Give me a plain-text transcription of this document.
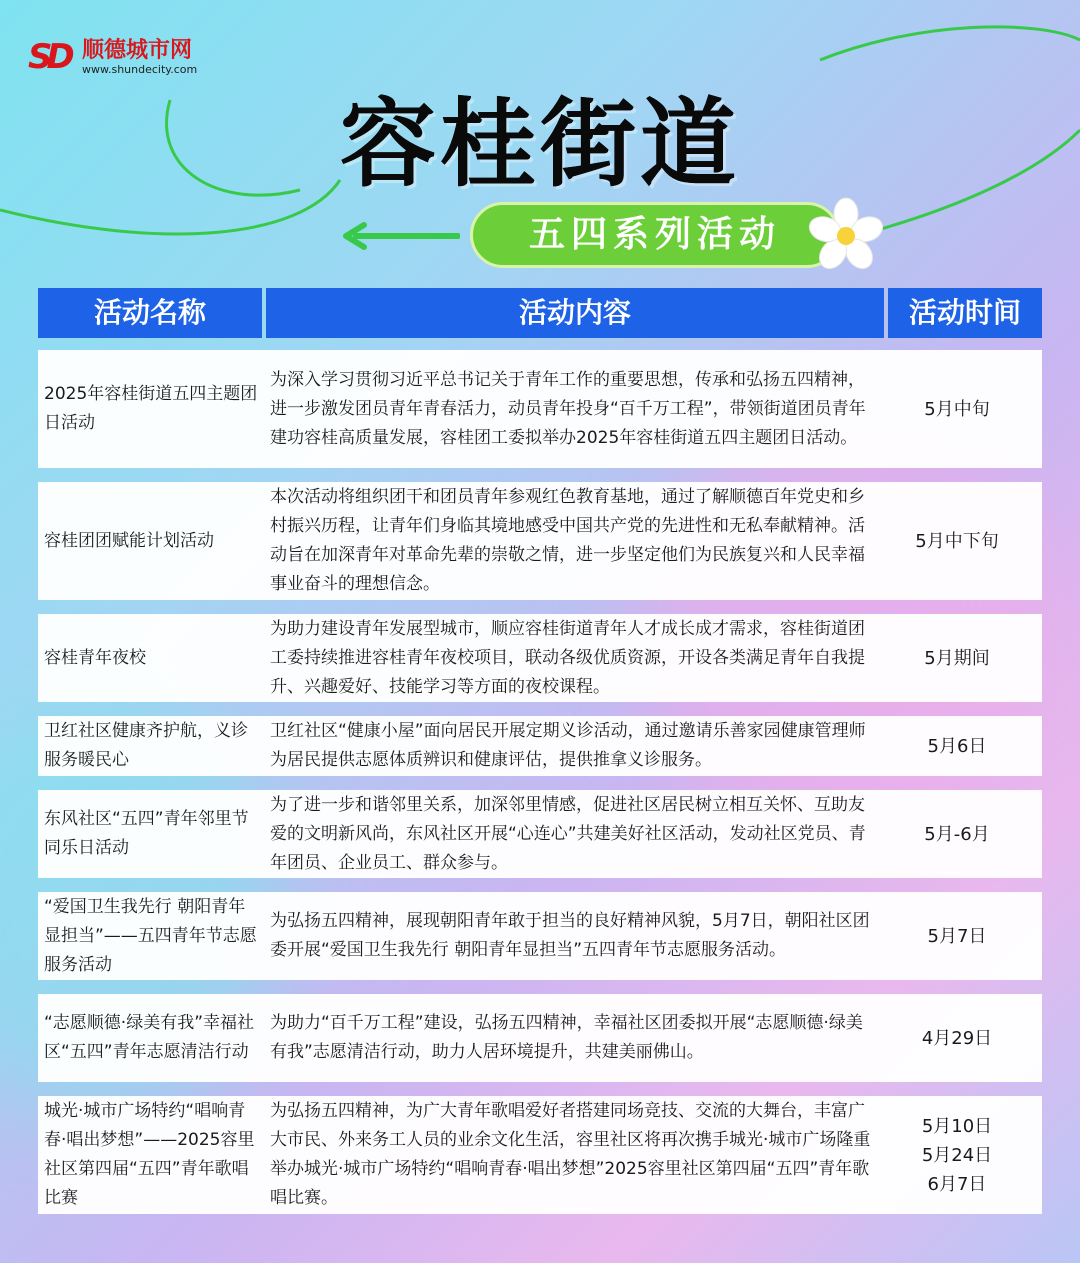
SD 顺德城市网
www.shundecity.com
容桂街道
五四系列活动
活动名称	活动内容	活动时间
2025年容桂街道五四主题团日活动
为深入学习贯彻习近平总书记关于青年工作的重要思想，传承和弘扬五四精神，进一步激发团员青年青春活力，动员青年投身“百千万工程”，带领街道团员青年建功容桂高质量发展，容桂团工委拟举办2025年容桂街道五四主题团日活动。
5月中旬
容桂团团赋能计划活动
本次活动将组织团干和团员青年参观红色教育基地，通过了解顺德百年党史和乡村振兴历程，让青年们身临其境地感受中国共产党的先进性和无私奉献精神。活动旨在加深青年对革命先辈的崇敬之情，进一步坚定他们为民族复兴和人民幸福事业奋斗的理想信念。
5月中下旬
容桂青年夜校
为助力建设青年发展型城市，顺应容桂街道青年人才成长成才需求，容桂街道团工委持续推进容桂青年夜校项目，联动各级优质资源，开设各类满足青年自我提升、兴趣爱好、技能学习等方面的夜校课程。
5月期间
卫红社区健康齐护航，义诊服务暖民心
卫红社区“健康小屋”面向居民开展定期义诊活动，通过邀请乐善家园健康管理师为居民提供志愿体质辨识和健康评估，提供推拿义诊服务。
5月6日
东风社区“五四”青年邻里节同乐日活动
为了进一步和谐邻里关系，加深邻里情感，促进社区居民树立相互关怀、互助友爱的文明新风尚，东风社区开展“心连心”共建美好社区活动，发动社区党员、青年团员、企业员工、群众参与。
5月-6月
“爱国卫生我先行 朝阳青年显担当”——五四青年节志愿服务活动
为弘扬五四精神，展现朝阳青年敢于担当的良好精神风貌，5月7日，朝阳社区团委开展“爱国卫生我先行 朝阳青年显担当”五四青年节志愿服务活动。
5月7日
“志愿顺德·绿美有我”幸福社区“五四”青年志愿清洁行动
为助力“百千万工程”建设，弘扬五四精神，幸福社区团委拟开展“志愿顺德·绿美有我”志愿清洁行动，助力人居环境提升，共建美丽佛山。
4月29日
城光·城市广场特约“唱响青春·唱出梦想”——2025容里社区第四届“五四”青年歌唱比赛
为弘扬五四精神，为广大青年歌唱爱好者搭建同场竞技、交流的大舞台，丰富广大市民、外来务工人员的业余文化生活，容里社区将再次携手城光·城市广场隆重举办城光·城市广场特约“唱响青春·唱出梦想”2025容里社区第四届“五四”青年歌唱比赛。
5月10日
5月24日
6月7日
